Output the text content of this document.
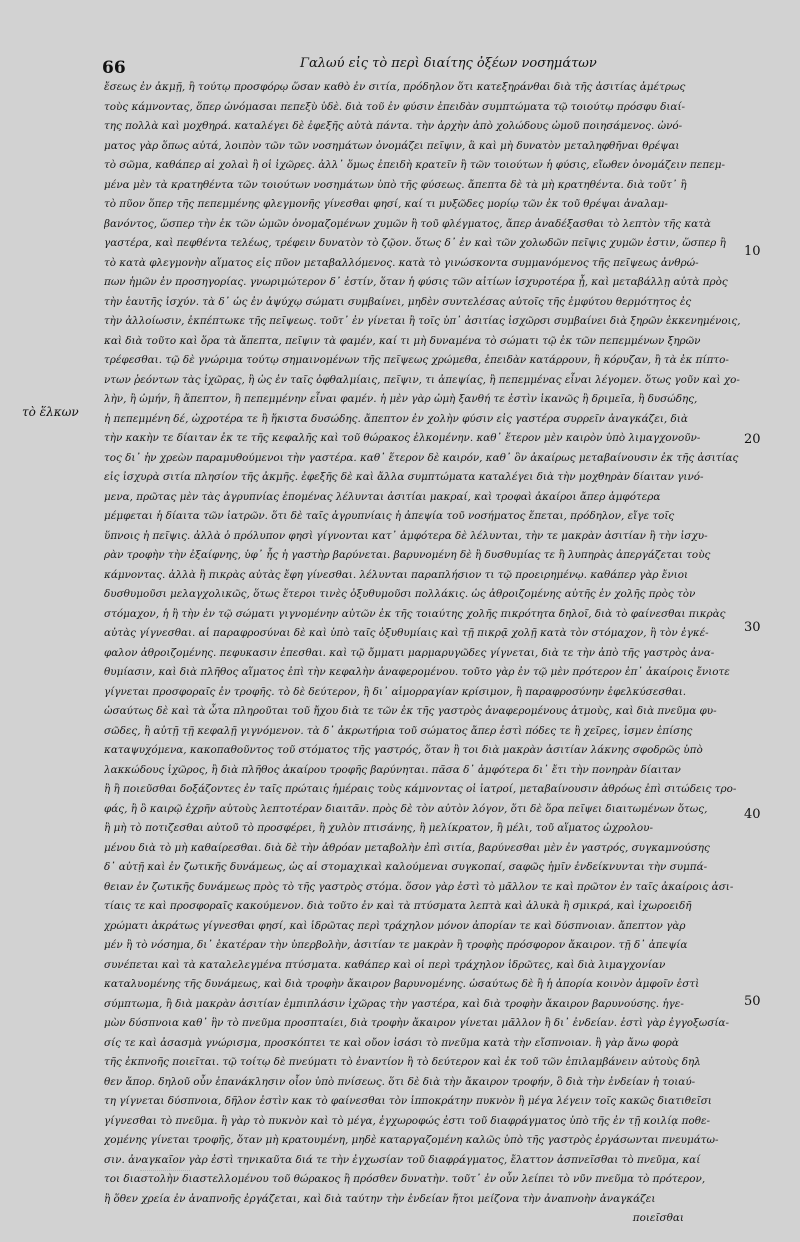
66	Γαλωύ εἰς τὸ περὶ διαίτης ὀξέων νοσημάτων
τὸ ἕλκων
ἔσεως ἐν ἀκμῇ, ἢ τούτῳ προσφόρῳ ὥσαν καθὸ ἐν σιτία, πρόδηλον ὅτι κατεξηράνθαι διὰ τῆς ἀσιτίας ἀμέτρως
τοὺς κάμνοντας, ὅπερ ὠνόμασαι πεπεξὺ ὑδὲ. διὰ τοῦ ἐν φύσιν ἐπειδὰν συμπτώματα τῷ τοιούτῳ πρόσφυ διαί-
της πολλὰ καὶ μοχθηρά. καταλέγει δὲ ἐφεξῆς αὐτὰ πάντα. τὴν ἀρχὴν ἀπὸ χολώδους ὠμοῦ ποιησάμενος. ὠνό-
ματος γὰρ ὅπως αὐτά, λοιπὸν τῶν τῶν νοσημάτων ὀνομάζει πεῖψιν, ἃ καὶ μὴ δυνατὸν μεταληφθῆναι θρέψαι
τὸ σῶμα, καθάπερ αἱ χολαὶ ἢ οἱ ἰχῶρες. ἀλλ᾽ ὅμως ἐπειδὴ κρατεῖν ἢ τῶν τοιούτων ἡ φύσις, εἴωθεν ὀνομάζειν πεπεμ-
μένα μὲν τὰ κρατηθέντα τῶν τοιούτων νοσημάτων ὑπὸ τῆς φύσεως. ἄπεπτα δὲ τὰ μὴ κρατηθέντα. διὰ τοῦτ᾽ ἢ
τὸ πῦον ὅπερ τῆς πεπεμμένης φλεγμονῆς γίνεσθαι φησί, καί τι μυξῶδες μορίῳ τῶν ἐκ τοῦ θρέψαι ἀναλαμ-
βανόντος, ὥσπερ τὴν ἐκ τῶν ὠμῶν ὀνομαζομένων χυμῶν ἢ τοῦ φλέγματος, ἄπερ ἀναδέξασθαι τὸ λεπτὸν τῆς κατὰ
γαστέρα, καὶ πεφθέντα τελέως, τρέφειν δυνατὸν τὸ ζῷον. ὅτως δ᾽ ἐν καὶ τῶν χολωδῶν πεῖψις χυμῶν ἐστιν, ὥσπερ ἢ
τὸ κατὰ φλεγμονὴν αἵματος εἰς πῦον μεταβαλλόμενος. κατὰ τὸ γινώσκοντα συμμανόμενος τῆς πεῖψεως ἀνθρώ-
πων ἡμῶν ἐν προσηγορίας. γνωριμώτερον δ᾽ ἐστίν, ὅταν ἡ φύσις τῶν αἰτίων ἰσχυροτέρα ᾖ, καὶ μεταβάλλῃ αὐτὰ πρὸς
τὴν ἑαυτῆς ἰσχύν. τὰ δ᾽ ὡς ἐν ἀψύχῳ σώματι συμβαίνει, μηδὲν συντελέσας αὐτοῖς τῆς ἐμφύτου θερμότητος ἐς
τὴν ἀλλοίωσιν, ἐκπέπτωκε τῆς πεῖψεως. τοῦτ᾽ ἐν γίνεται ἢ τοῖς ὑπ᾽ ἀσιτίας ἰσχῶρσι συμβαίνει διὰ ξηρῶν ἐκκενημένοις,
καὶ διὰ τοῦτο καὶ ὅρα τὰ ἄπεπτα, πεῖψιν τὰ φαμέν, καί τι μὴ δυναμένα τὸ σώματι τῷ ἐκ τῶν πεπεμμένων ξηρῶν
τρέφεσθαι. τῷ δὲ γνώριμα τούτῳ σημαινομένων τῆς πεῖψεως χρώμεθα, ἐπειδὰν κατάρρουν, ἢ κόρυζαν, ἢ τὰ ἐκ πίπτο-
ντων ῥεόντων τὰς ἰχῶρας, ἢ ὡς ἐν ταῖς ὀφθαλμίαις, πεῖψιν, τι ἀπεψίας, ἢ πεπεμμένας εἶναι λέγομεν. ὅτως γοῦν καὶ χο-
λὴν, ἢ ὠμήν, ἢ ἄπεπτον, ἢ πεπεμμένην εἶναι φαμέν. ἡ μὲν γὰρ ὠμὴ ξανθή τε ἐστὶν ἱκανῶς ἢ δριμεῖα, ἢ δυσώδης,
ἡ πεπεμμένη δέ, ὠχροτέρα τε ἢ ἥκιστα δυσώδης. ἄπεπτον ἐν χολὴν φύσιν εἰς γαστέρα συρρεῖν ἀναγκάζει, διὰ
τὴν κακὴν τε δίαιταν ἐκ τε τῆς κεφαλῆς καὶ τοῦ θώρακος ἑλκομένην. καθ᾽ ἕτερον μὲν καιρὸν ὑπὸ λιμαγχονοῦν-
τος δι᾽ ἡν χρεὼν παραμυθούμενοι τὴν γαστέρα. καθ᾽ ἕτερον δὲ καιρόν, καθ᾽ ὃν ἀκαίρως μεταβαίνουσιν ἐκ τῆς ἀσιτίας
εἰς ἰσχυρὰ σιτία πλησίον τῆς ἀκμῆς. ἐφεξῆς δὲ καὶ ἄλλα συμπτώματα καταλέγει διὰ τὴν μοχθηρὰν δίαιταν γινό-
μενα, πρῶτας μὲν τὰς ἀγρυπνίας ἑπομένας λέλυνται ἀσιτίαι μακραί, καὶ τροφαὶ ἀκαίροι ἄπερ ἀμφότερα
μέμφεται ἡ δίαιτα τῶν ἰατρῶν. ὅτι δὲ ταῖς ἀγρυπνίαις ἡ ἀπεψία τοῦ νοσήματος ἕπεται, πρόδηλον, εἴγε τοῖς
ὕπνοις ἡ πεῖψις. ἀλλὰ ὁ πρόλυπον φησὶ γίγνονται κατ᾽ ἀμφότερα δὲ λέλυνται, τὴν τε μακρὰν ἀσιτίαν ἢ τὴν ἰσχυ-
ρὰν τροφὴν τὴν ἐξαίφνης, ὑφ᾽ ἧς ἡ γαστὴρ βαρύνεται. βαρυνομένη δὲ ἢ δυσθυμίας τε ἢ λυπηρὰς ἀπεργάζεται τοὺς
κάμνοντας. ἀλλὰ ἢ πικρὰς αὐτὰς ἔφη γίνεσθαι. λέλυνται παραπλήσιον τι τῷ προειρημένῳ. καθάπερ γὰρ ἔνιοι
δυσθυμοῦσι μελαγχολικῶς, ὅτως ἕτεροι τινὲς ὀξυθυμοῦσι πολλάκις. ὡς ἀθροιζομένης αὐτῆς ἐν χολῆς πρὸς τὸν
στόμαχον, ἡ ἢ τὴν ἐν τῷ σώματι γιγνομένην αὐτῶν ἐκ τῆς τοιαύτης χολῆς πικρότητα δηλοῖ, διὰ τὸ φαίνεσθαι πικρὰς
αὐτὰς γίγνεσθαι. αἱ παραφροσύναι δὲ καὶ ὑπὸ ταῖς ὀξυθυμίαις καὶ τῇ πικρᾷ χολῇ κατὰ τὸν στόμαχον, ἢ τὸν ἐγκέ-
φαλον ἀθροιζομένης. πεφυκασιν ἐπεσθαι. καὶ τῷ ὄμματι μαρμαρυγῶδες γίγνεται, διὰ τε τὴν ἀπὸ τῆς γαστρὸς ἀνα-
θυμίασιν, καὶ διὰ πλῆθος αἵματος ἐπὶ τὴν κεφαλὴν ἀναφερομένου. τοῦτο γὰρ ἐν τῷ μὲν πρότερον ἐπ᾽ ἀκαίροις ἔνιοτε
γίγνεται προσφοραῖς ἐν τροφῆς. τὸ δὲ δεύτερον, ἢ δι᾽ αἱμορραγίαν κρίσιμον, ἢ παραφροσύνην ἐφελκύσεσθαι.
ὡσαύτως δὲ καὶ τὰ ὦτα πληροῦται τοῦ ἤχου διὰ τε τῶν ἐκ τῆς γαστρὸς ἀναφερομένους ἀτμοὺς, καὶ διὰ πνεῦμα φυ-
σῶδες, ἢ αὐτῇ τῇ κεφαλῇ γιγνόμενον. τὰ δ᾽ ἀκρωτήρια τοῦ σώματος ἄπερ ἐστὶ πόδες τε ἢ χεῖρες, ἰσμεν ἐπίσης
καταψυχόμενα, κακοπαθοῦντος τοῦ στόματος τῆς γαστρός, ὅταν ἢ τοι διὰ μακρὰν ἀσιτίαν λάκνης σφοδρῶς ὑπὸ
λακκώδους ἰχῶρος, ἢ διὰ πλῆθος ἀκαίρου τροφῆς βαρύνηται. πᾶσα δ᾽ ἀμφότερα δι᾽ ἔτι τὴν πονηρὰν δίαιταν
ἢ ἢ ποιεῦσθαι δοξάζοντες ἐν ταῖς πρώταις ἡμέραις τοὺς κάμνοντας οἱ ἰατροί, μεταβαίνουσιν ἀθρόως ἐπὶ σιτώδεις τρο-
φάς, ἢ ὃ καιρῷ ἐχρῆν αὐτοὺς λεπτοτέραν διαιτᾶν. πρὸς δὲ τὸν αὐτὸν λόγον, ὅτι δὲ ὅρα πεῖψει διαιτωμένων ὅτως,
ἢ μὴ τὸ ποτιζεσθαι αὐτοῦ τὸ προσφέρει, ἢ χυλὸν πτισάνης, ἢ μελίκρατον, ἢ μέλι, τοῦ αἵματος ὠχρολου-
μένου διὰ τὸ μὴ καθαίρεσθαι. διὰ δὲ τὴν ἀθρόαν μεταβολὴν ἐπὶ σιτία, βαρύνεσθαι μὲν ἐν γαστρός, συγκαμνούσης
δ᾽ αὐτῇ καὶ ἐν ζωτικῆς δυνάμεως, ὡς αἱ στομαχικαὶ καλούμεναι συγκοπαί, σαφῶς ἡμῖν ἐνδείκνυνται τὴν συμπά-
θειαν ἐν ζωτικῆς δυνάμεως πρὸς τὸ τῆς γαστρὸς στόμα. ὅσον γὰρ ἐστὶ τὸ μᾶλλον τε καὶ πρῶτον ἐν ταῖς ἀκαίροις ἀσι-
τίαις τε καὶ προσφοραῖς κακούμενον. διὰ τοῦτο ἐν καὶ τὰ πτύσματα λεπτὰ καὶ ἁλυκὰ ἢ σμικρά, καὶ ἰχωροειδῆ
χρώματι ἀκράτως γίγνεσθαι φησί, καὶ ἱδρῶτας περὶ τράχηλον μόνον ἀπορίαν τε καὶ δύσπνοιαν. ἄπεπτον γὰρ
μέν ἢ τὸ νόσημα, δι᾽ ἑκατέραν τὴν ὑπερβολὴν, ἀσιτίαν τε μακρὰν ἢ τροφὴς πρόσφορον ἄκαιρον. τῇ δ᾽ ἀπεψία
συνέπεται καὶ τὰ καταλελεγμένα πτύσματα. καθάπερ καὶ οἱ περὶ τράχηλον ἱδρῶτες, καὶ διὰ λιμαγχονίαν
καταλυομένης τῆς δυνάμεως, καὶ διὰ τροφὴν ἄκαιρον βαρυνομένης. ὡσαύτως δὲ ἢ ἡ ἀπορία κοινὸν ἀμφοῖν ἐστὶ
σύμπτωμα, ἢ διὰ μακρὰν ἀσιτίαν ἐμπιπλάσιν ἰχῶρας τὴν γαστέρα, καὶ διὰ τροφὴν ἄκαιρον βαρυνούσης. ἡγε-
μὼν δύσπνοια καθ᾽ ἣν τὸ πνεῦμα προσπταίει, διὰ τροφὴν ἄκαιρον γίνεται μᾶλλον ἢ δι᾽ ἐνδείαν. ἐστὶ γὰρ ἐγγοξωσία-
σίς τε καὶ ἀσασμὰ γνώρισμα, προσκόπτει τε καὶ οὔον ἰσάσι τὸ πνεῦμα κατὰ τὴν εἴσπνοιαν. ἢ γὰρ ἄνω φορὰ
τῆς ἐκπνοῆς ποιεῖται. τῷ τοίτῳ δὲ πνεύματι τὸ ἐναντίον ἢ τὸ δεύτερον καὶ ἐκ τοῦ τῶν ἐπιλαμβάνειν αὐτοὺς δηλ
θεν ἄπορ. δηλοῦ οὖν ἐπανάκλησιν οἷον ὑπὸ πνίσεως. ὅτι δὲ διὰ τὴν ἄκαιρον τροφήν, ὃ διὰ τὴν ἐνδείαν ἡ τοιαύ-
τη γίγνεται δύσπνοια, δῆλον ἐστὶν κακ τὸ φαίνεσθαι τὸν ἱπποκράτην πυκνὸν ἢ μέγα λέγειν τοῖς κακῶς διατιθεῖσι
γίγνεσθαι τὸ πνεῦμα. ἢ γὰρ τὸ πυκνὸν καὶ τὸ μέγα, ἐγχωροφώς ἐστι τοῦ διαφράγματος ὑπὸ τῆς ἐν τῇ κοιλίᾳ ποθε-
χομένης γίνεται τροφῆς, ὅταν μὴ κρατουμένη, μηδὲ καταργαζομένη καλῶς ὑπὸ τῆς γαστρὸς ἐργάσωνται πνευμάτω-
σιν. ἀναγκαῖον γὰρ ἐστὶ τηνικαῦτα διά τε τὴν ἐγχωσίαν τοῦ διαφράγματος, ἔλαττον ἀσπνεῖσθαι τὸ πνεῦμα, καί
τοι διαστολὴν διαστελλομένου τοῦ θώρακος ἢ πρόσθεν δυνατὴν. τοῦτ᾽ ἐν οὖν λείπει τὸ νῦν πνεῦμα τὸ πρότερον,
ἢ ὅθεν χρεία ἐν ἀναπνοῆς ἐργάζεται, καὶ διὰ ταύτην τὴν ἐνδείαν ἤτοι μείζονα τὴν ἀναπνοὴν ἀναγκάζει
ποιεῖσθαι
10
20
30
40
50
